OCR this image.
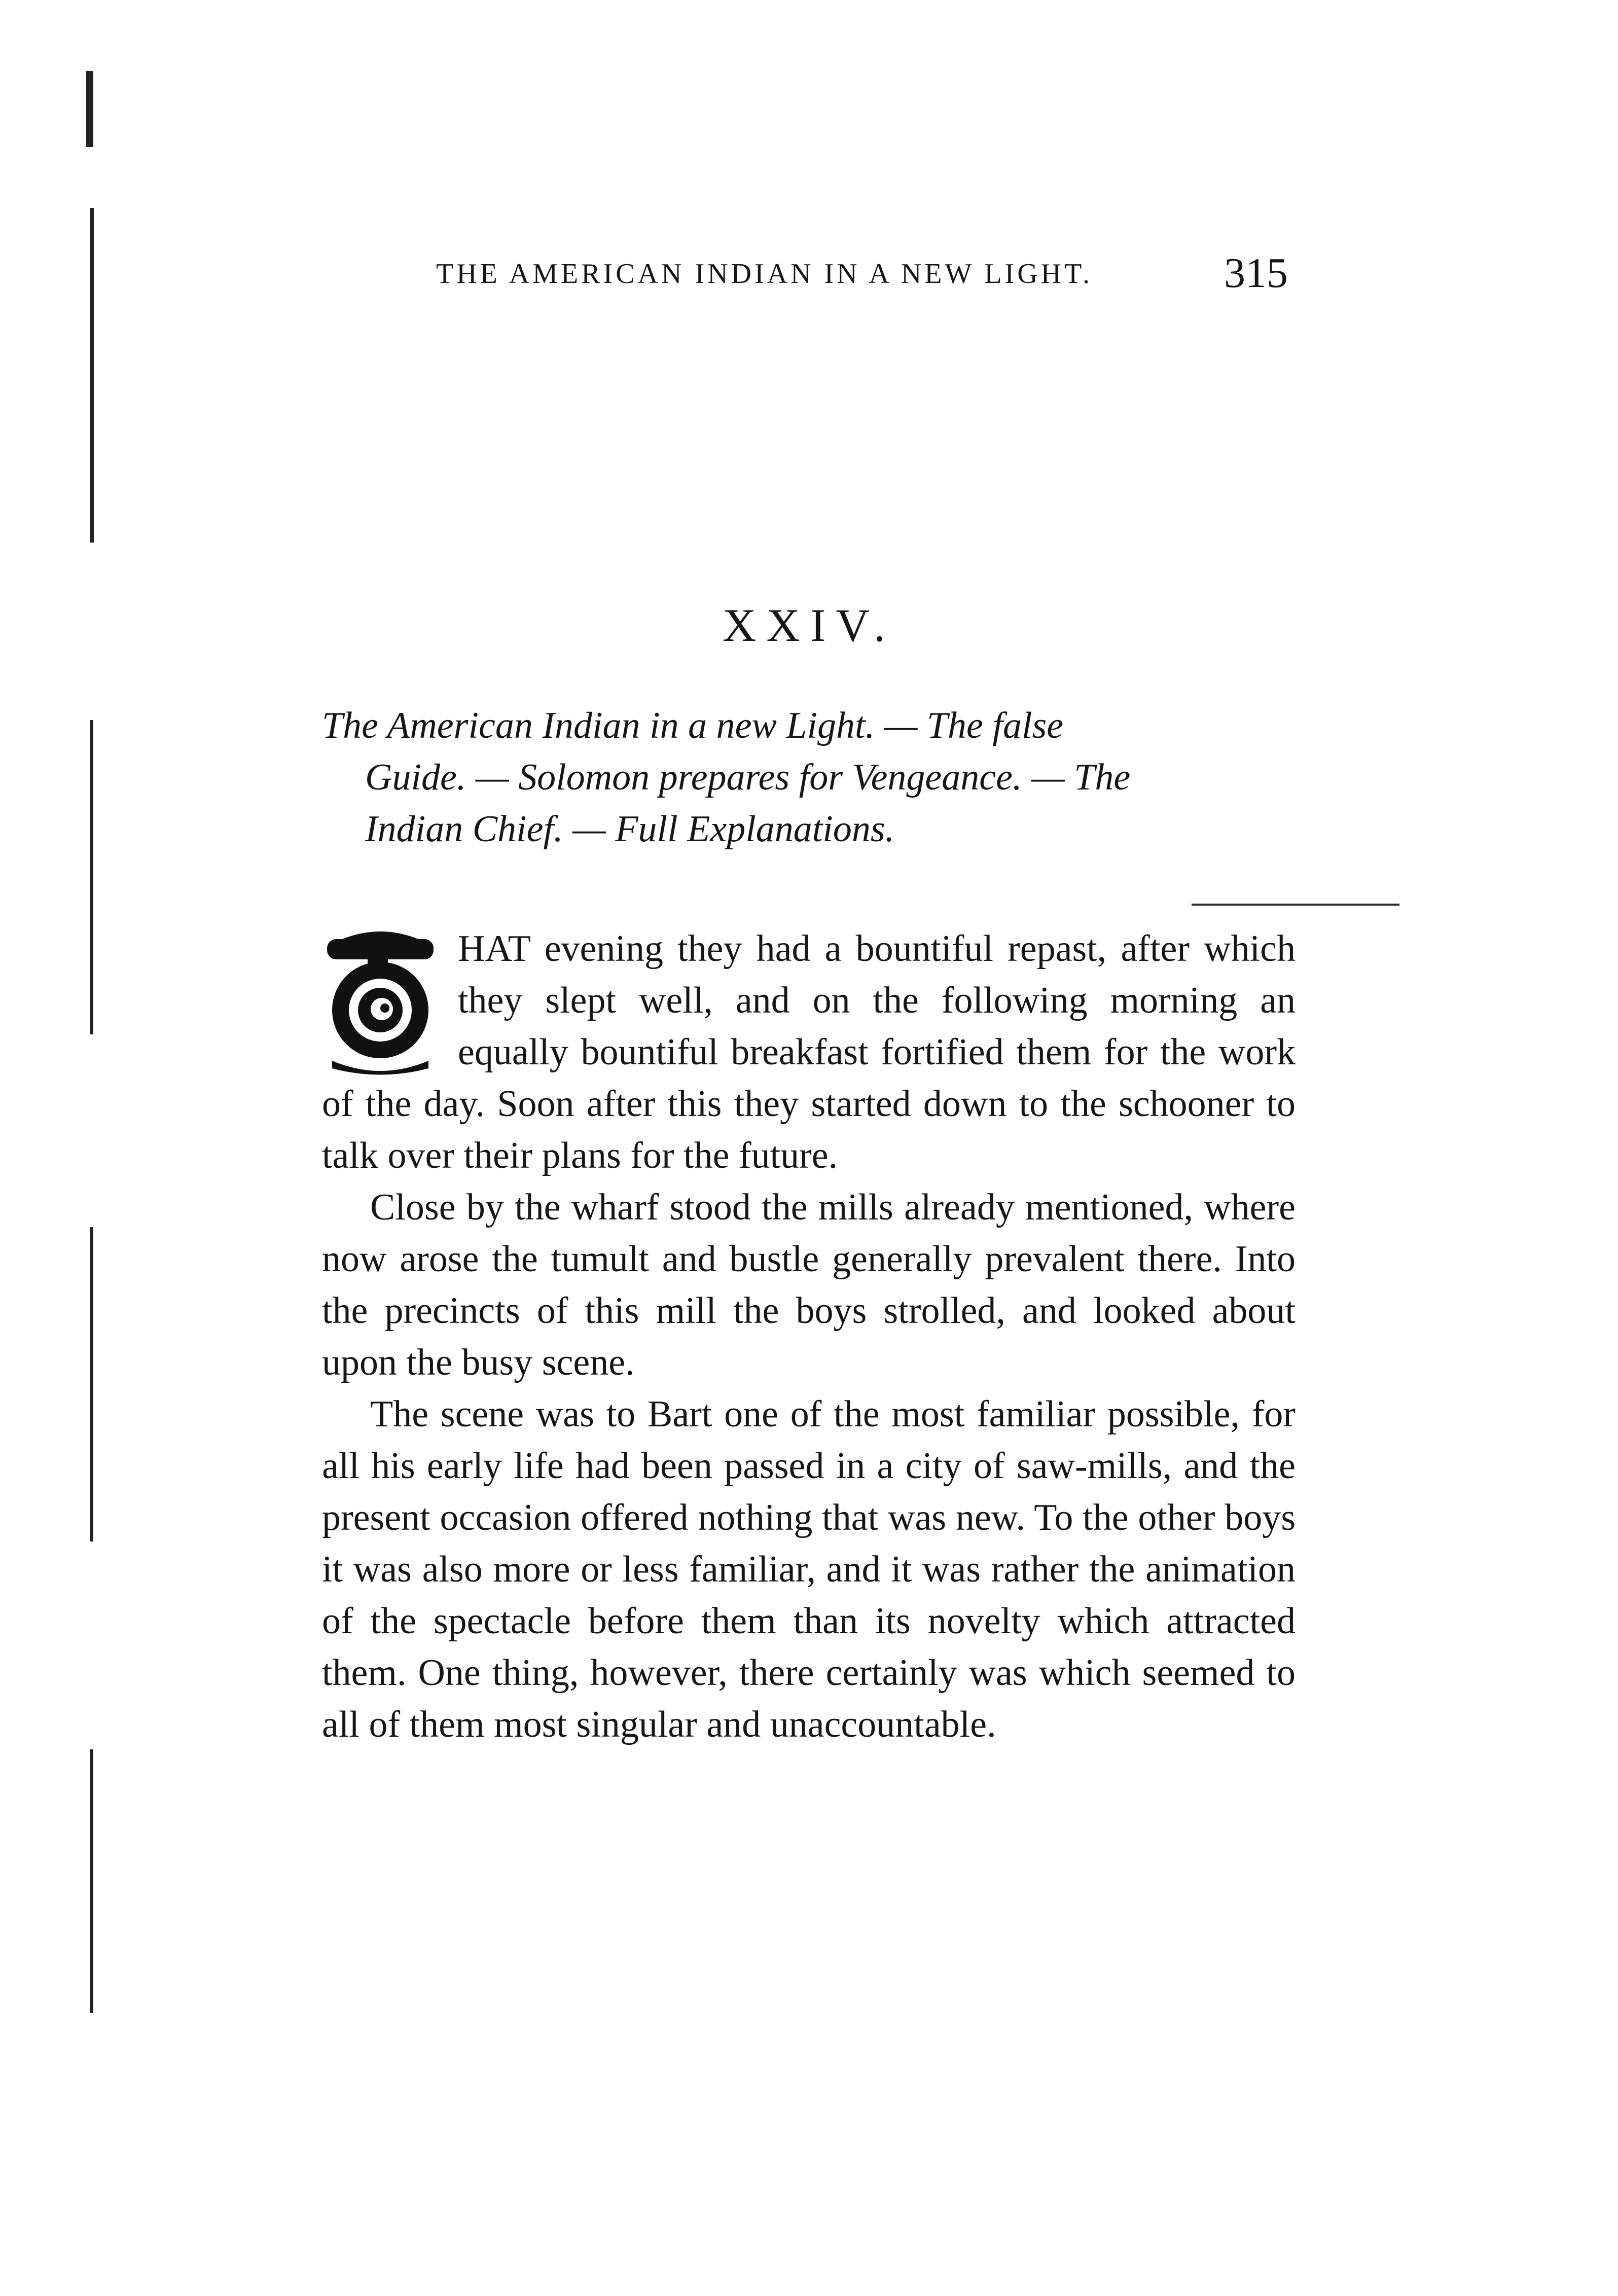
THE AMERICAN INDIAN IN A NEW LIGHT.	315
XXIV.
The American Indian in a new Light. — The false
Guide. — Solomon prepares for Vengeance. — The
Indian Chief. — Full Explanations.

T
HAT evening they had a bountiful repast, after which they slept well, and on the following morning an equally bountiful breakfast fortified them for the work of the day. Soon after this they started down to the schooner to talk over their plans for the future.

Close by the wharf stood the mills already mentioned, where now arose the tumult and bustle generally prevalent there. Into the precincts of this mill the boys strolled, and looked about upon the busy scene.

The scene was to Bart one of the most familiar possible, for all his early life had been passed in a city of saw-mills, and the present occasion offered nothing that was new. To the other boys it was also more or less familiar, and it was rather the animation of the spectacle before them than its novelty which attracted them. One thing, however, there certainly was which seemed to all of them most singular and unaccountable.
